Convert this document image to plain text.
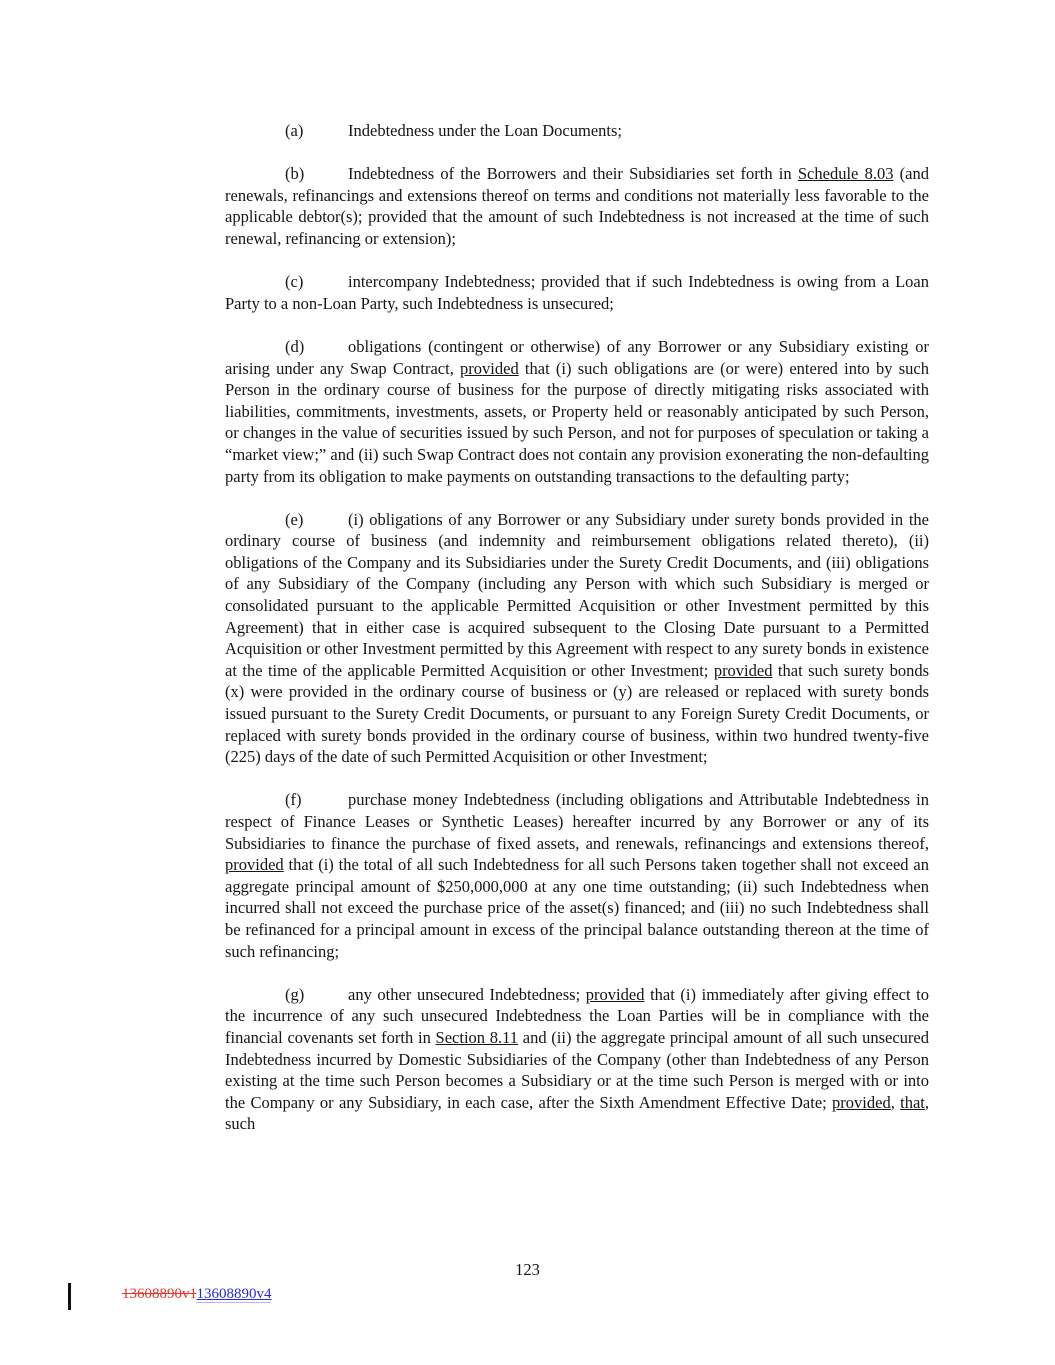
(a)	Indebtedness under the Loan Documents;

(b)	Indebtedness of the Borrowers and their Subsidiaries set forth in Schedule 8.03 (and renewals, refinancings and extensions thereof on terms and conditions not materially less favorable to the applicable debtor(s); provided that the amount of such Indebtedness is not increased at the time of such renewal, refinancing or extension);

(c)	intercompany Indebtedness; provided that if such Indebtedness is owing from a Loan Party to a non-Loan Party, such Indebtedness is unsecured;

(d)	obligations (contingent or otherwise) of any Borrower or any Subsidiary existing or arising under any Swap Contract, provided that (i) such obligations are (or were) entered into by such Person in the ordinary course of business for the purpose of directly mitigating risks associated with liabilities, commitments, investments, assets, or Property held or reasonably anticipated by such Person, or changes in the value of securities issued by such Person, and not for purposes of speculation or taking a “market view;” and (ii) such Swap Contract does not contain any provision exonerating the non-defaulting party from its obligation to make payments on outstanding transactions to the defaulting party;

(e)	(i) obligations of any Borrower or any Subsidiary under surety bonds provided in the ordinary course of business (and indemnity and reimbursement obligations related thereto), (ii) obligations of the Company and its Subsidiaries under the Surety Credit Documents, and (iii) obligations of any Subsidiary of the Company (including any Person with which such Subsidiary is merged or consolidated pursuant to the applicable Permitted Acquisition or other Investment permitted by this Agreement) that in either case is acquired subsequent to the Closing Date pursuant to a Permitted Acquisition or other Investment permitted by this Agreement with respect to any surety bonds in existence at the time of the applicable Permitted Acquisition or other Investment; provided that such surety bonds (x) were provided in the ordinary course of business or (y) are released or replaced with surety bonds issued pursuant to the Surety Credit Documents, or pursuant to any Foreign Surety Credit Documents, or replaced with surety bonds provided in the ordinary course of business, within two hundred twenty-five (225) days of the date of such Permitted Acquisition or other Investment;

(f)	purchase money Indebtedness (including obligations and Attributable Indebtedness in respect of Finance Leases or Synthetic Leases) hereafter incurred by any Borrower or any of its Subsidiaries to finance the purchase of fixed assets, and renewals, refinancings and extensions thereof, provided that (i) the total of all such Indebtedness for all such Persons taken together shall not exceed an aggregate principal amount of $250,000,000 at any one time outstanding; (ii) such Indebtedness when incurred shall not exceed the purchase price of the asset(s) financed; and (iii) no such Indebtedness shall be refinanced for a principal amount in excess of the principal balance outstanding thereon at the time of such refinancing;

(g)	any other unsecured Indebtedness; provided that (i) immediately after giving effect to the incurrence of any such unsecured Indebtedness the Loan Parties will be in compliance with the financial covenants set forth in Section 8.11 and (ii) the aggregate principal amount of all such unsecured Indebtedness incurred by Domestic Subsidiaries of the Company (other than Indebtedness of any Person existing at the time such Person becomes a Subsidiary or at the time such Person is merged with or into the Company or any Subsidiary, in each case, after the Sixth Amendment Effective Date; provided, that, such

123
13608890v113608890v4
